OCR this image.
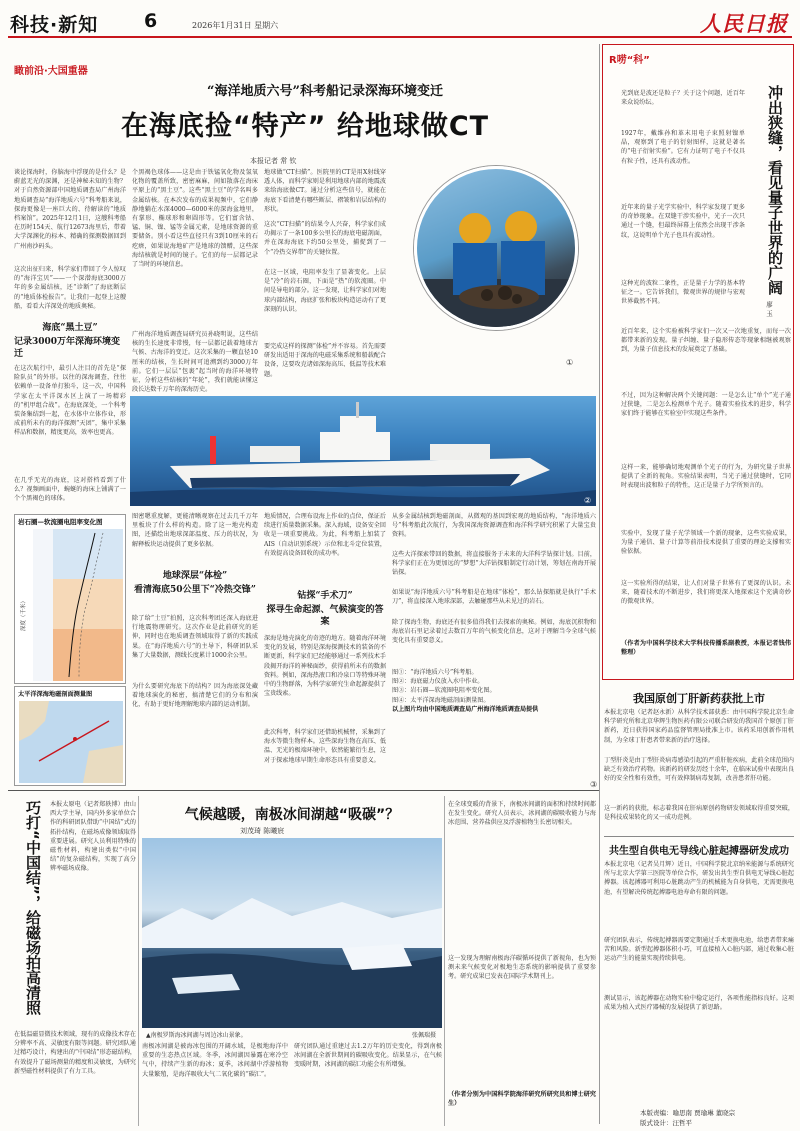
科技·新知 6	2026年1月31日 星期六	人民日报
瞰前沿·大国重器
“海洋地质六号”科考船记录深海环境变迁
在海底捡“特产” 给地球做CT
本报记者 常 钦
谈论探海时，你脑海中浮现的是什么？是蔚蓝无光的深渊，还是神秘未知的生物？对于自然资源部中国地质调查局广州海洋地质调查局“海洋地质六号”科考船来说，探海更像是一座巨大的、待解读的“地质档案馆”。2025年12月1日，这艘科考船在历时154天、航行12673海里后，带着大学深渊化的标本、精确的探测数据回到广州南沙码头。
这次出征归来，科学家们带回了令人惊叹的“海洋宝贝”——一个深潜海底3000万年的多金属结核，还“诊断”了海底断层的“地质体检报告”。让我们一起登上这艘船，看看大洋深处的地质奥秘。
海底“黑土豆”
记录3000万年深海环境变迁
在这次航行中，最引人注目的首先是“探险队员”的外形。以往的深海调查，往往依赖单一设备单打独斗，这一次，中国科学家在太平洋深水区上演了一场精彩的“机甲组合战”。在海底深处，一个科考装备集结到一起，在水体中立体作业，形成前所未有的海洋探测“天团”，集中采集样品和数据，精度更高，效率也更高。
在几乎无光的海底，这对搭档看到了什么？视频画面中，蜿蜒的海床上铺满了一个个黑褐色的球体。
个黑褐色球体——这是由于铁锰氧化物及氢氧化物的覆盖所致，密密麻麻，间如散落在海床平原上的“黑土豆”。这些“黑土豆”的学名叫多金属结核。在本次发布的成果视频中，它们静静地躺在水深4000—6000米的深海盆地里，有掌形、椭球形和卵圆形等。它们富含钴、锰、铜、镍、锰等金属元素，是地球资源的重要储备。别小看这些直径只有3到10厘米的石疙瘩，如果说海地矿产是地球的馈赠，这些深海结核就是时间的镜子。它们的每一层都记录了当时的环境信息。
广州海洋地质调查局研究员孙晓明说，这些结核的生长速度非常慢，每一层都记载着地球古气候、古海洋的变迁。这次采集的一颗直径10厘米的结核，生长时间可追溯到约3000万年前。它们一层层“包裹”起当时的海洋环境特征，分析这些结核的“年轮”，我们就能读懂这段长达数千万年的深海历史。
地球做“CT扫描”。医院里的CT是用X射线穿透人体，而科学家则是利用地球内部的地震波来给海底做CT。通过分析这些信号，就能在海底下看清楚有哪些断层、褶皱和岩层结构的形状。
这次“CT扫描”的结果令人兴奋，科学家们成功揭示了一条100多公里长的海底电磁剖面，并在深海海底下约50公里处，捕捉到了一个“冷热交界带”的关键位置。
在这一区域，电阻率发生了显著变化。上层是“冷”的岩石圈，下面是“热”的软流圈。中间是导电的部分。这一发现，让科学家们对地球内部结构，海底扩张和板块构造运动有了更深刻的认识。
要完成这样的探测“体检”并不容易。首先需要研发出适用于深海的电磁采集系统和船载配合设备，这要攻克诸如深海高压、低温等技术难题。
①
②
岩石圈—软流圈电阻率变化图
深度（千米）
太平洋深海地磁剖面测量图
图密嗯重度解，更能清晰观察在过去几千万年里板块了什么样的构造。除了这一地壳构造图，还描绘出地球深部温度、压力的状况，为解释板块运动提供了更多依据。
地球深层“体检”
看清海底50公里下“冷热交锋”
除了给“土豆”拍照，这次科考团还深入海底进行地震物理研究。这次作业是此前研究的延伸，同时也在地质调查领域取得了新的实践成果。在“海洋地质六号”的主导下，科研团队采集了大量数据，测线长度累计1000余公里。
为什么要研究海底下的结构？因为海底深处藏着地球演化的秘密，搞清楚它们的分布和演化，有助于更好地理解地球内部的运动机制。
地质情况，合理布设海上作业的点位，保证后续进行质量数据采集。深入海域，设备安全回收是一项重要挑战。为此，科考船上加装了AIS（自动识别系统）示位和北斗定位装置，有效提高设备回收的成功率。
钻探“手术刀”
探寻生命起源、气候演变的答案
深海是地壳演化的奇迹的地方。随着海洋环境变化的发展，特别是深海探测技术的装备的不断更新，科学家们已经能够通过一系列技术手段揭开海洋的神秘面纱，获得前所未有的数据资料。例如，深海热液口和冷泉口等特殊环境中的生物群落，为科学家研究生命起源提供了宝贵线索。
此次科考，科学家们还借助机械臂，采集到了海水等微生物样本。这些深海生物在高压、低温、无光的极端环境中，依然能繁衍生息，这对于探索地球早期生命形态具有重要意义。
从多金属结核到地磁剖面，从微观的基因到宏观的地质结构，“海洋地质六号”科考船此次航行，为我国深海资源调查和海洋科学研究积累了大量宝贵资料。
这些大洋探索带回的数据，将直接服务于未来的大洋科学钻探计划。目前，科学家们正在为更加远的“梦想”大洋钻探船制定行动计划，筹划在南海开展钻探。
如果说“海洋地质六号”科考船是在地球“体检”，那么钻探船就是执行“手术刀”，将直接深入地球深部，去触碰那些从未见过的岩石。
除了探海生物，海底还有很多值得我们去探索的奥秘。例如，海底沉积物和海底岩石里记录着过去数百万年的气候变化信息，这对于理解当今全球气候变化具有重要意义。
图①：“海洋地质六号”科考船。
图②：海底磁力仪放入水中作业。
图③：岩石圈—软流圈电阻率变化图。
图④：太平洋深海地磁剖面测量图。
以上图片均由中国地质调查局广州海洋地质调查局提供
③
R唠“科”
冲出狭缝，看见量子世界的广阔
廖 玉
光到底是波还是粒子？关于这个问题，近百年来众说纷纭。
1927年，戴维孙和革末用电子束照射镍单晶，观察到了电子的衍射图样，这就是著名的“电子衍射实验”。它有力证明了电子不仅具有粒子性，还具有波动性。
近年来的量子光学实验中，科学家发现了更多的奇妙现象。在双缝干涉实验中，光子一次只通过一个缝，但最终屏幕上依然会出现干涉条纹，这说明单个光子也具有波动性。
这种光的波粒二象性，正是量子力学的基本特征之一。它告诉我们，微观世界的规律与宏观世界截然不同。
近百年来，这个实验被科学家们一次又一次地重复，而每一次都带来新的发现。量子纠缠、量子隐形传态等现象相继被观察到，为量子信息技术的发展奠定了基础。
不过，因为这种解决两个关键问题：一是怎么让“单个”光子通过狭缝，二是怎么检测单个光子。随着实验技术的进步，科学家们终于能够在实验室中实现这些条件。
这样一来，能够确切地观测单个光子的行为，为研究量子世界提供了全新的视角。实验结果表明，当光子通过狭缝时，它同时表现出波和粒子的特性，这正是量子力学所预言的。
实验中，发现了量子光学领域一个新的现象，这些实验成果，为量子通信、量子计算等前沿技术提供了重要的理论支撑和实验依据。
这一实验所得的结果，让人们对量子世界有了更深的认识。未来，随着技术的不断进步，我们将更深入地探索这个充满奇妙的微观世界。
（作者为中国科学技术大学科技传播系副教授，本报记者钱伟整理）
我国原创丁肝新药获批上市
本报北京电（记者赵永新）从科学技术部获悉：由中国科学院北京生命科学研究所和北京华辉生物医药有限公司联合研发的我国首个原创丁肝新药，近日获得国家药品监督管理局批准上市。该药采用创新作用机制，为全球丁肝患者带来新的治疗选择。
丁型肝炎是由丁型肝炎病毒感染引起的严重肝脏疾病，此前全球范围内缺乏有效治疗药物。该新药的研发历经十余年，在临床试验中表现出良好的安全性和有效性，可有效抑制病毒复制，改善患者肝功能。
这一新药的获批，标志着我国在肝病原创药物研发领域取得重要突破，是科技成果转化的又一成功范例。
共生型自供电无导线心脏起搏器研发成功
本报北京电（记者吴月辉）近日，中国科学院北京纳米能源与系统研究所与北京大学第三医院等单位合作，研发出共生型自供电无导线心脏起搏器。该起搏器可利用心脏跳动产生的机械能为自身供电，无需更换电池，有望解决传统起搏器电池寿命有限的问题。
研究团队表示，传统起搏器需要定期通过手术更换电池，给患者带来痛苦和风险。新型起搏器体积小巧，可直接植入心脏内部，通过收集心脏运动产生的能量实现持续供电。
测试显示，该起搏器在动物实验中稳定运行，各项性能指标良好。这项成果为植入式医疗器械的发展提供了新思路。
本版责编：喻思南 贾瑜琳 董晓宗
版式设计：汪哲平
巧打“中国结”，给磁场拍高清照	本报太原电（记者郑轶博）由山西大学主导，国内外多家单位合作的科研团队借助“中国结”式的拓扑结构，在磁场成像领域取得重要进展。研究人员利用特殊的磁性材料，构建出类似“中国结”的复杂磁结构，实现了高分辨率磁场成像。
在低温磁显微技术领域，现有的成像技术存在分辨率不高、灵敏度有限等问题。研究团队通过精巧设计，构建出的“中国结”形态磁结构，有效提升了磁场测量的精度和灵敏度，为研究新型磁性材料提供了有力工具。
气候越暖，南极冰间湖越“吸碳”？
刘茂琦 陈曦宸
▲南极罗斯海冰间湖与周边冰山景象。	张佩瑞摄
南极冰间湖是被海冰包围的开阔水域，是极地海洋中重要的生态热点区域。冬季，冰间湖因暴露在寒冷空气中，持续产生新的海冰；夏季，冰间湖中浮游植物大量繁殖，是海洋吸收大气二氧化碳的“碳汇”。
研究团队通过重建过去1.2万年的历史变化，得到南极冰间湖在全新世期间的碳吸收变化。结果显示，在气候变暖时期，冰间湖的碳汇功能会有所增强。
在全球变暖的背景下，南极冰间湖的面积和持续时间都在发生变化。研究人员表示，冰间湖的碳吸收能力与海冰范围、营养盐供应及浮游植物生长密切相关。
这一发现为理解南极海洋碳循环提供了新视角，也为预测未来气候变化对极地生态系统的影响提供了重要参考。研究成果已发表在国际学术期刊上。
（作者分别为中国科学院海洋研究所研究员和博士研究生）
